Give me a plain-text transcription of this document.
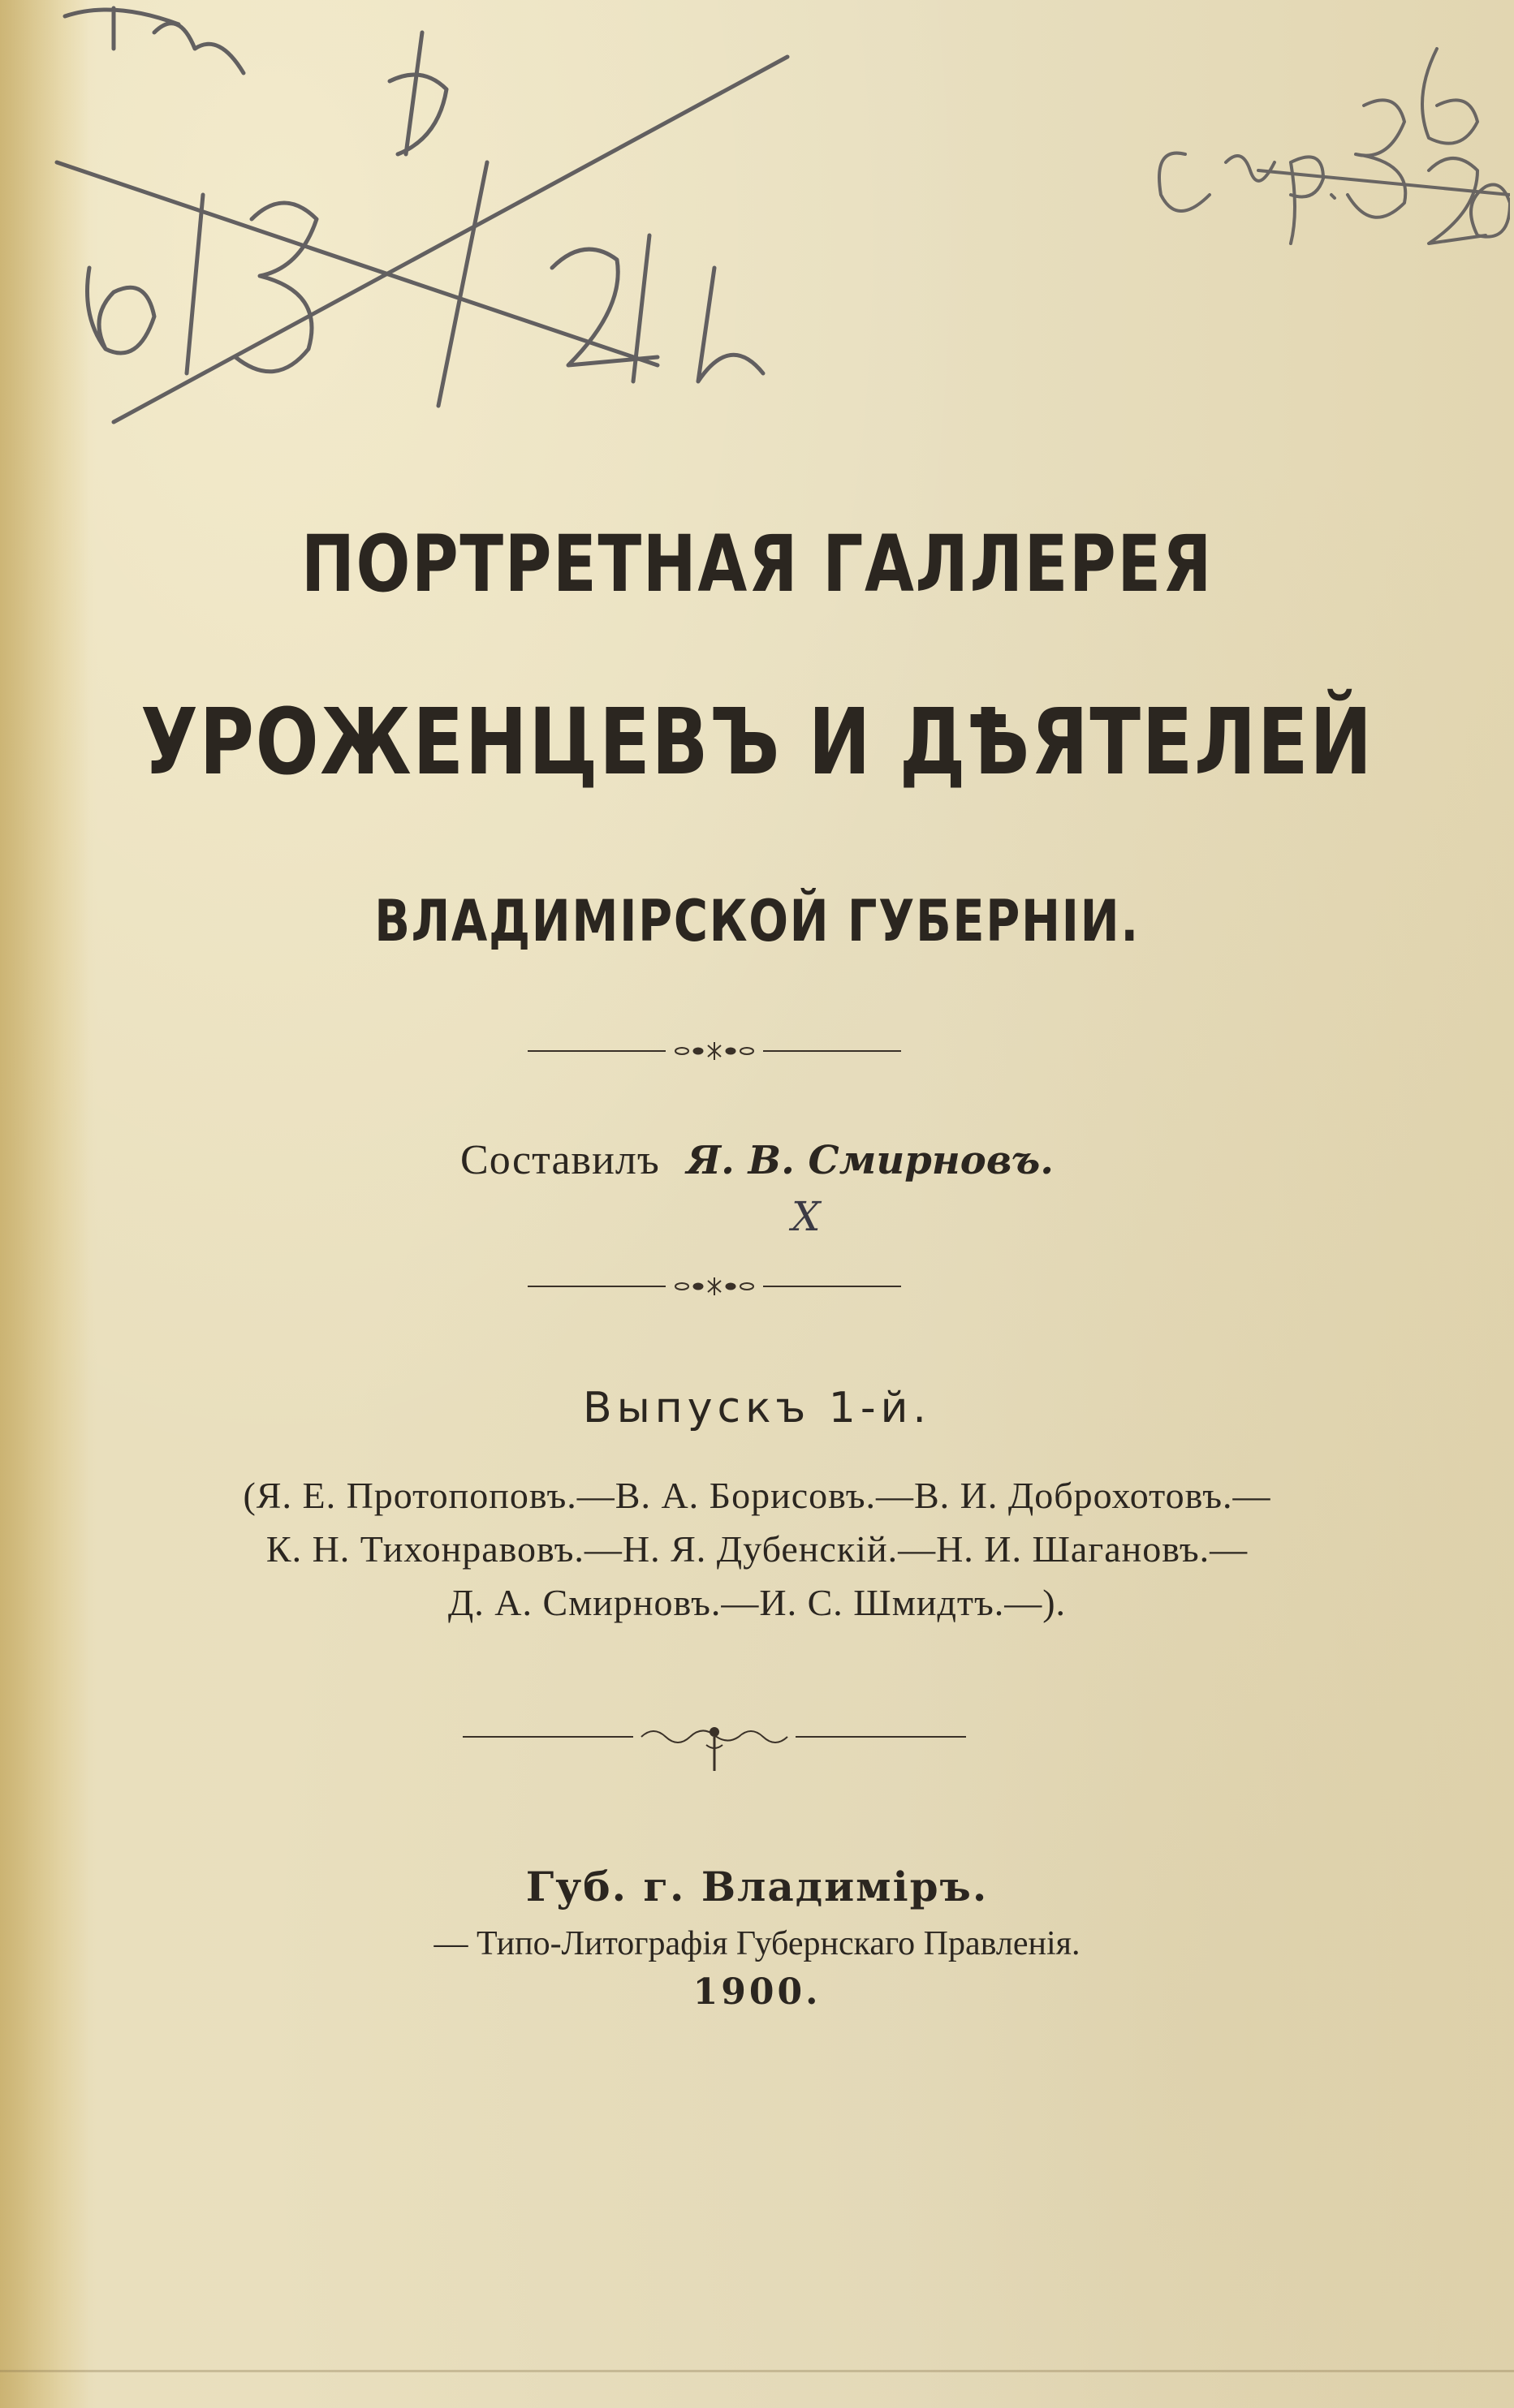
ПОРТРЕТНАЯ ГАЛЛЕРЕЯ
УРОЖЕНЦЕВЪ И ДѢЯТЕЛЕЙ
ВЛАДИМІРСКОЙ ГУБЕРНІИ.
Составилъ Я. В. Смирновъ.
X
Выпускъ 1-й.
(Я. Е. Протопоповъ.—В. А. Борисовъ.—В. И. Доброхотовъ.—
К. Н. Тихонравовъ.—Н. Я. Дубенскій.—Н. И. Шагановъ.—
Д. А. Смирновъ.—И. С. Шмидтъ.—).
Губ. г. Владиміръ.
— Типо-Литографія Губернскаго Правленія.
1900.
